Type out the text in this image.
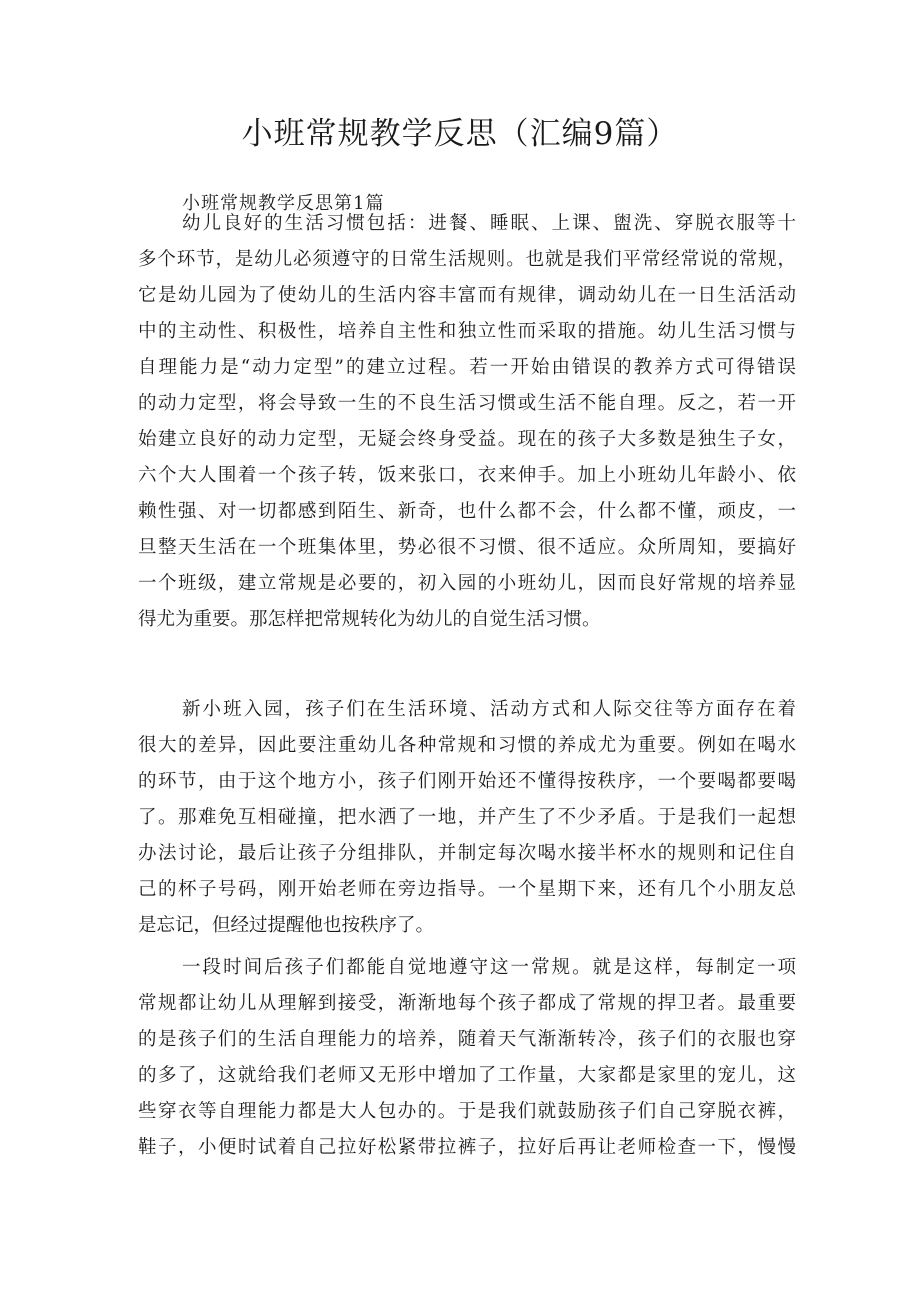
小班常规教学反思（汇编9篇）
小班常规教学反思第1篇
幼儿良好的生活习惯包括：进餐、睡眠、上课、盥洗、穿脱衣服等十
多个环节，是幼儿必须遵守的日常生活规则。也就是我们平常经常说的常规，
它是幼儿园为了使幼儿的生活内容丰富而有规律，调动幼儿在一日生活活动
中的主动性、积极性，培养自主性和独立性而采取的措施。幼儿生活习惯与
自理能力是“动力定型”的建立过程。若一开始由错误的教养方式可得错误
的动力定型，将会导致一生的不良生活习惯或生活不能自理。反之，若一开
始建立良好的动力定型，无疑会终身受益。现在的孩子大多数是独生子女，
六个大人围着一个孩子转，饭来张口，衣来伸手。加上小班幼儿年龄小、依
赖性强、对一切都感到陌生、新奇，也什么都不会，什么都不懂，顽皮，一
旦整天生活在一个班集体里，势必很不习惯、很不适应。众所周知，要搞好
一个班级，建立常规是必要的，初入园的小班幼儿，因而良好常规的培养显
得尤为重要。那怎样把常规转化为幼儿的自觉生活习惯。
新小班入园，孩子们在生活环境、活动方式和人际交往等方面存在着
很大的差异，因此要注重幼儿各种常规和习惯的养成尤为重要。例如在喝水
的环节，由于这个地方小，孩子们刚开始还不懂得按秩序，一个要喝都要喝
了。那难免互相碰撞，把水洒了一地，并产生了不少矛盾。于是我们一起想
办法讨论，最后让孩子分组排队，并制定每次喝水接半杯水的规则和记住自
己的杯子号码，刚开始老师在旁边指导。一个星期下来，还有几个小朋友总
是忘记，但经过提醒他也按秩序了。
一段时间后孩子们都能自觉地遵守这一常规。就是这样，每制定一项
常规都让幼儿从理解到接受，渐渐地每个孩子都成了常规的捍卫者。最重要
的是孩子们的生活自理能力的培养，随着天气渐渐转冷，孩子们的衣服也穿
的多了，这就给我们老师又无形中增加了工作量，大家都是家里的宠儿，这
些穿衣等自理能力都是大人包办的。于是我们就鼓励孩子们自己穿脱衣裤，
鞋子，小便时试着自己拉好松紧带拉裤子，拉好后再让老师检查一下，慢慢
